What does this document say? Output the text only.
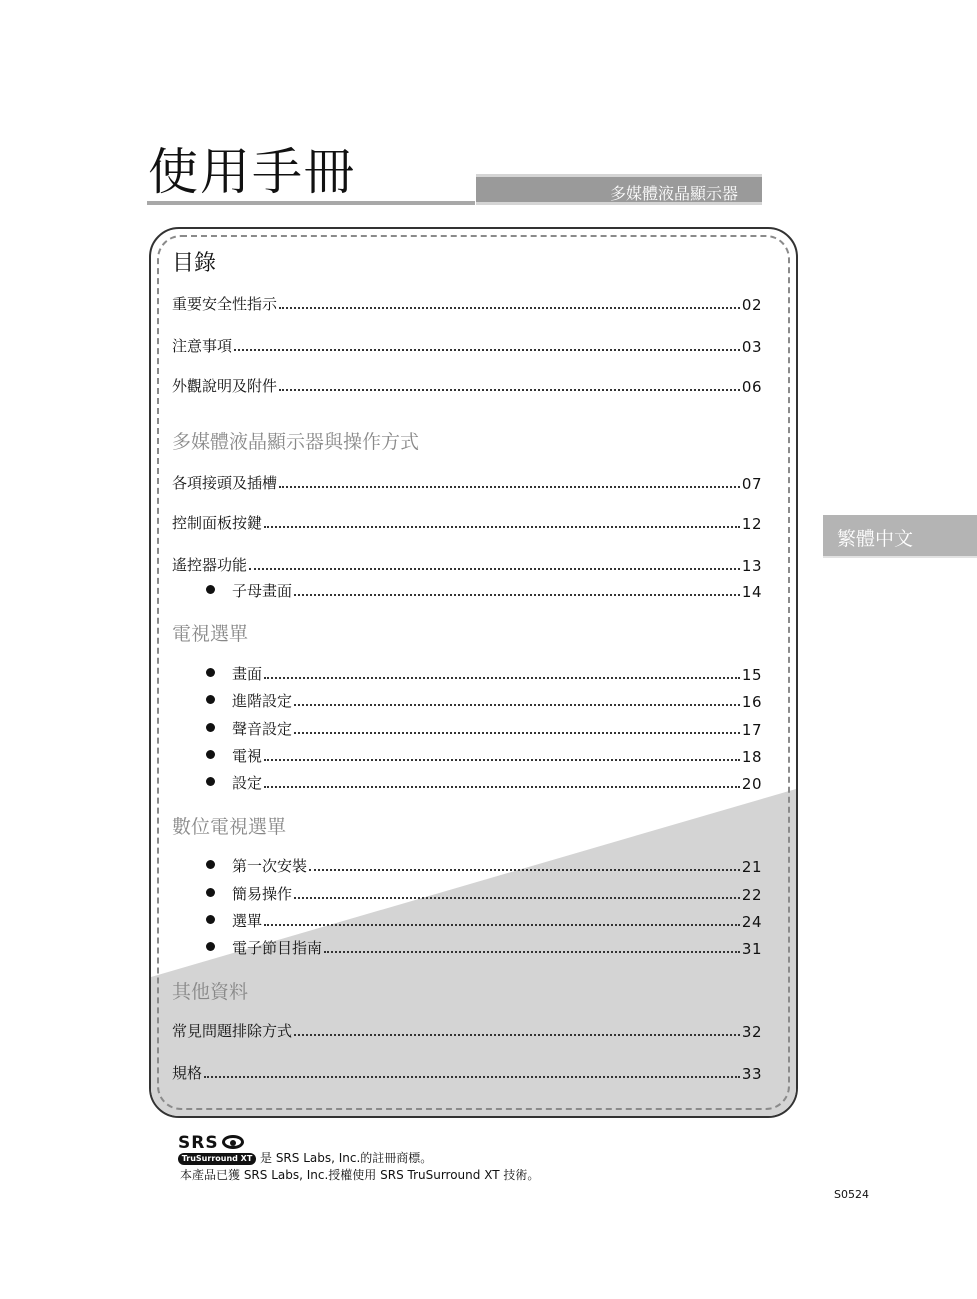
使用手冊	多媒體液晶顯示器
繁體中文
目錄
重要安全性指示	02
注意事項	03
外觀說明及附件	06
多媒體液晶顯示器與操作方式
各項接頭及插槽	07
控制面板按鍵	12
遙控器功能	13
子母畫面	14
電視選單
畫面	15
進階設定	16
聲音設定	17
電視	18
設定	20
數位電視選單
第一次安裝	21
簡易操作	22
選單	24
電子節目指南	31
其他資料
常見問題排除方式	32
規格	33
SRS
TruSurround XT 是 SRS Labs, Inc.的註冊商標。
本產品已獲 SRS Labs, Inc.授權使用 SRS TruSurround XT 技術。
S0524
